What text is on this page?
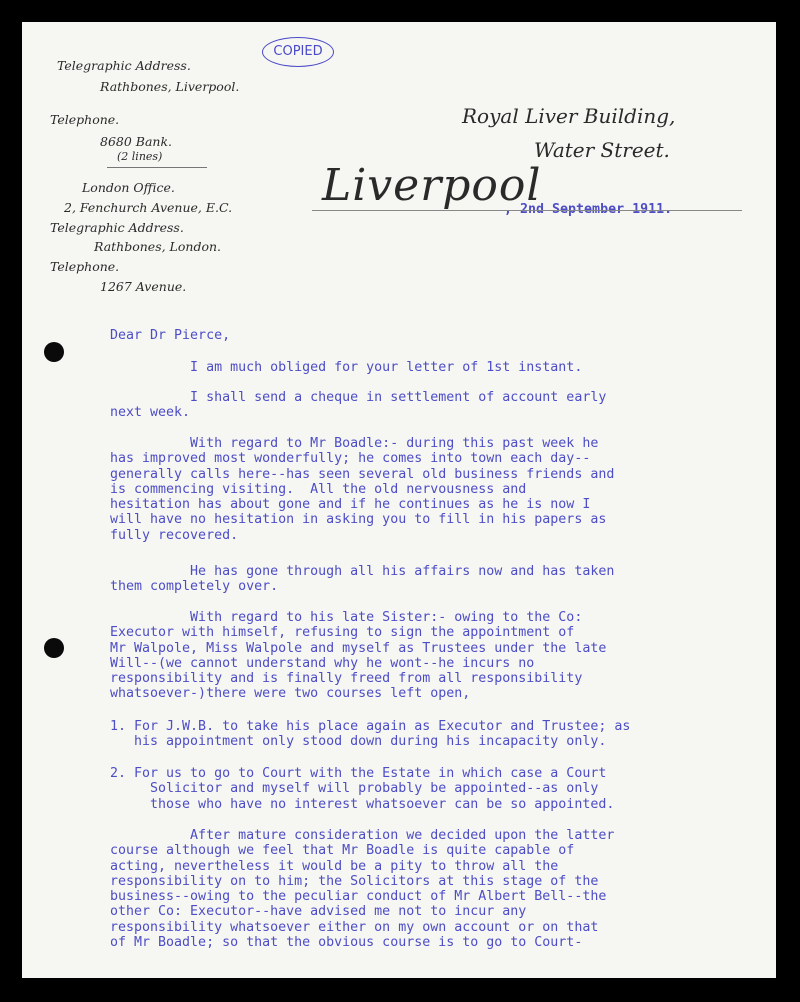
COPIED
Telegraphic Address.
Rathbones, Liverpool.
Telephone.
8680 Bank.
(2 lines)
London Office.
2, Fenchurch Avenue, E.C.
Telegraphic Address.
Rathbones, London.
Telephone.
1267 Avenue.
Royal Liver Building,
Water Street.
Liverpool
, 2nd September 1911.
Dear Dr Pierce,
I am much obliged for your letter of 1st instant.
I shall send a cheque in settlement of account early
next week.
With regard to Mr Boadle:- during this past week he
has improved most wonderfully; he comes into town each day--
generally calls here--has seen several old business friends and
is commencing visiting.  All the old nervousness and
hesitation has about gone and if he continues as he is now I
will have no hesitation in asking you to fill in his papers as
fully recovered.
He has gone through all his affairs now and has taken
them completely over.
With regard to his late Sister:- owing to the Co:
Executor with himself, refusing to sign the appointment of
Mr Walpole, Miss Walpole and myself as Trustees under the late
Will--(we cannot understand why he wont--he incurs no
responsibility and is finally freed from all responsibility
whatsoever-)there were two courses left open,
1. For J.W.B. to take his place again as Executor and Trustee; as
his appointment only stood down during his incapacity only.
2. For us to go to Court with the Estate in which case a Court
Solicitor and myself will probably be appointed--as only
those who have no interest whatsoever can be so appointed.
After mature consideration we decided upon the latter
course although we feel that Mr Boadle is quite capable of
acting, nevertheless it would be a pity to throw all the
responsibility on to him; the Solicitors at this stage of the
business--owing to the peculiar conduct of Mr Albert Bell--the
other Co: Executor--have advised me not to incur any
responsibility whatsoever either on my own account or on that
of Mr Boadle; so that the obvious course is to go to Court-
